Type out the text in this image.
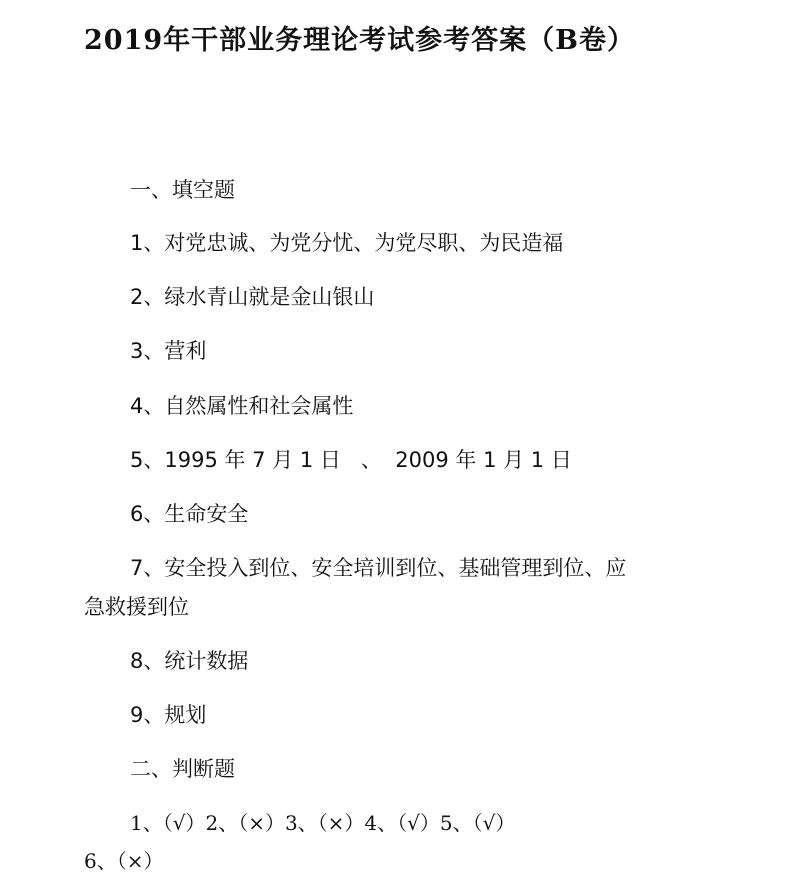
2019年干部业务理论考试参考答案（B卷）
一、填空题
1、对党忠诚、为党分忧、为党尽职、为民造福
2、绿水青山就是金山银山
3、营利
4、自然属性和社会属性
5、1995 年 7 月 1 日   、  2009 年 1 月 1 日
6、生命安全
7、安全投入到位、安全培训到位、基础管理到位、应
急救援到位
8、统计数据
9、规划
二、判断题
1、（√）2、（×）3、（×）4、（√）5、（√）
6、（×）
